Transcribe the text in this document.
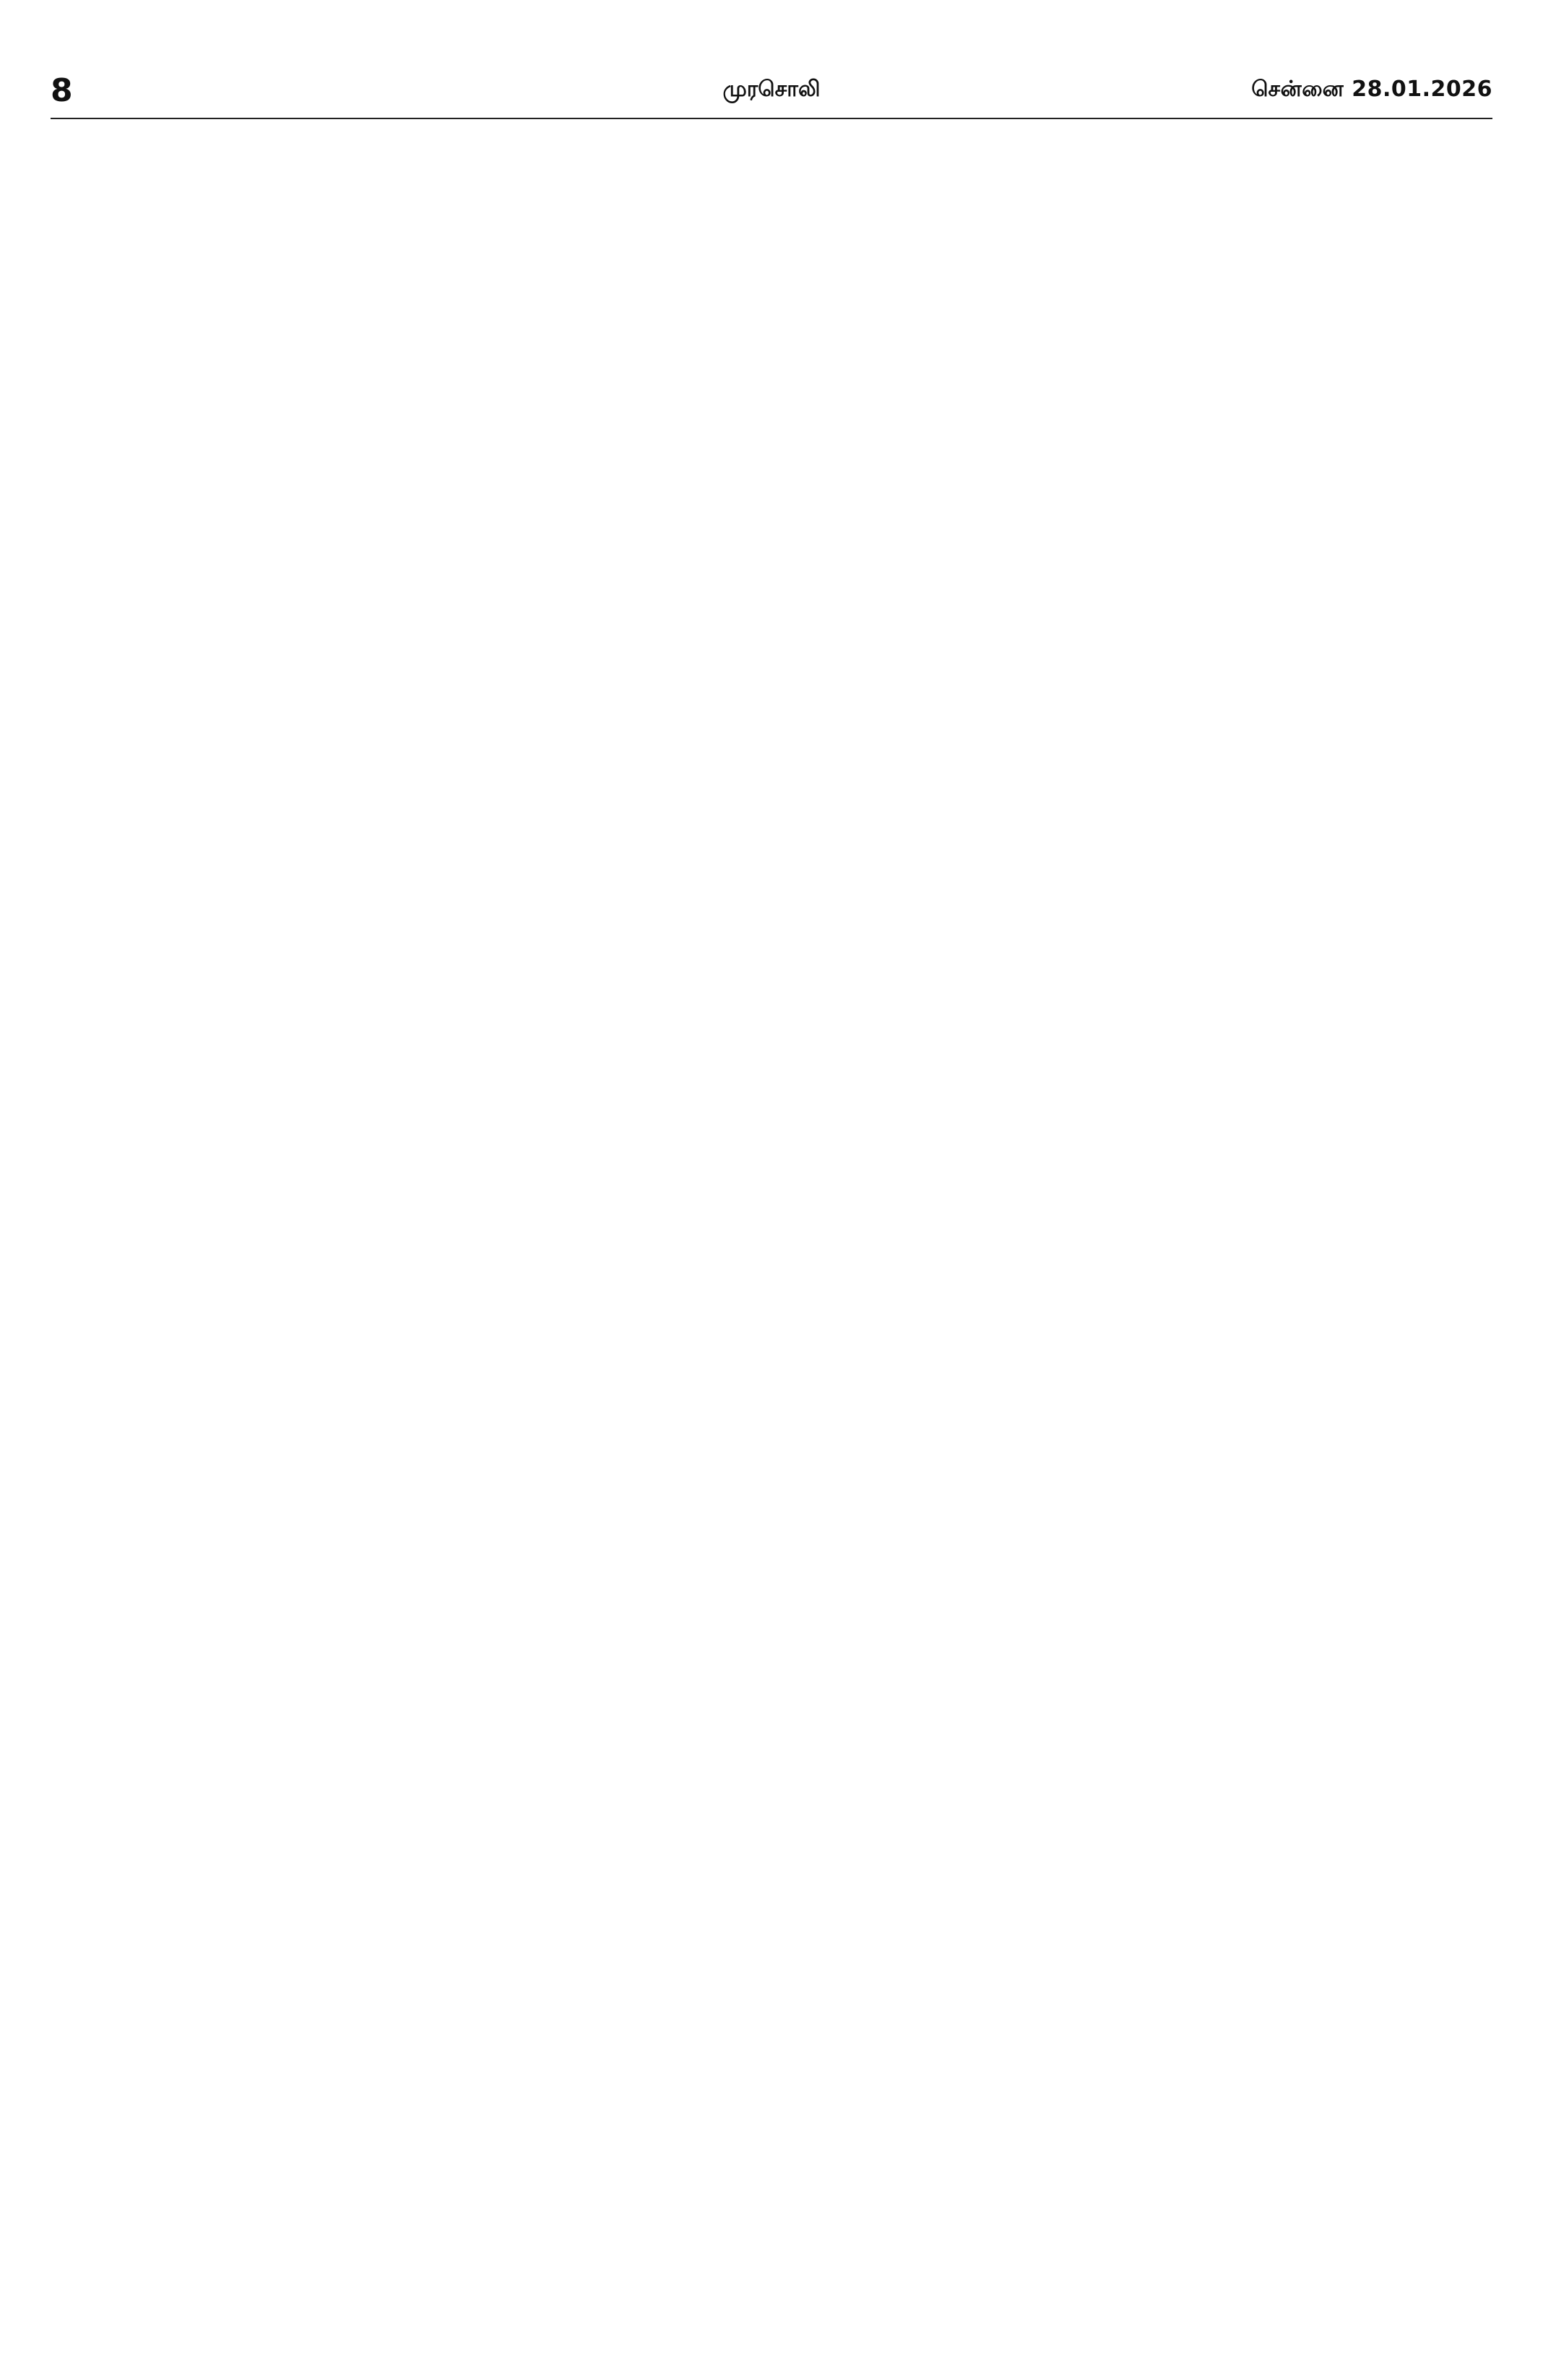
8	முரசொலி	சென்னை 28.01.2026
